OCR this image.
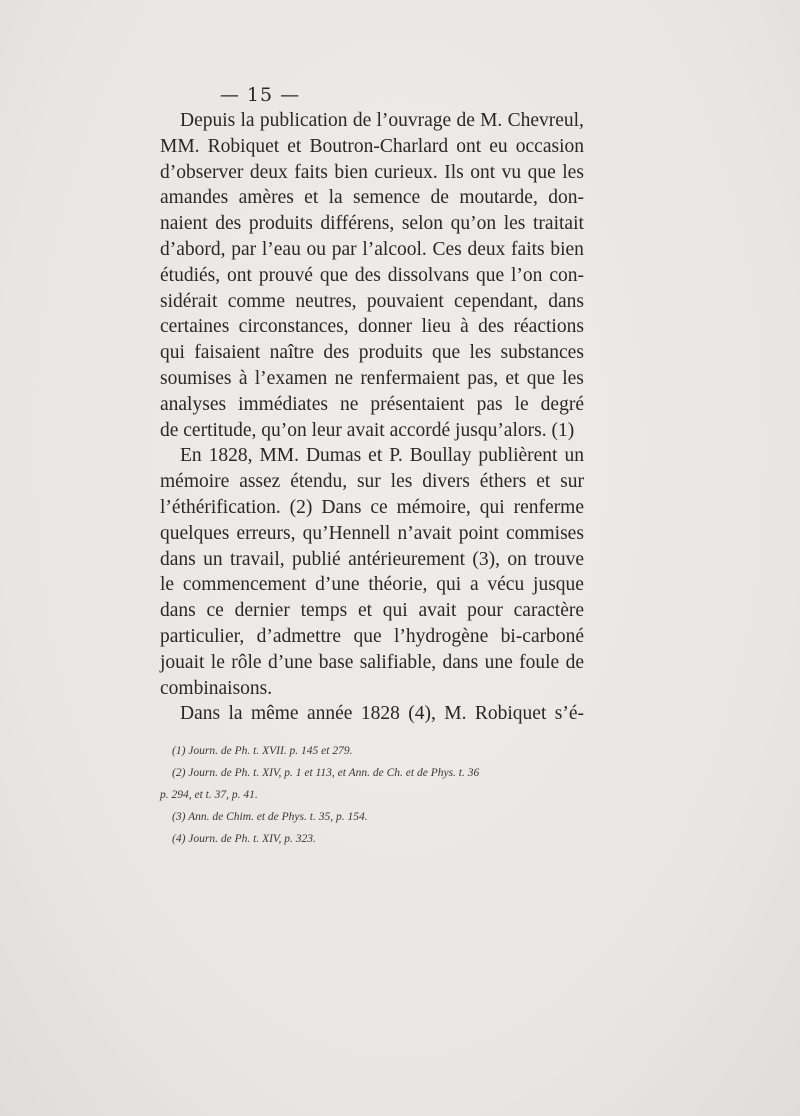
— 15 —
Depuis la publication de l’ouvrage de M. Chevreul,
MM. Robiquet et Boutron-Charlard ont eu occasion
d’observer deux faits bien curieux. Ils ont vu que les
amandes amères et la semence de moutarde, don-
naient des produits différens, selon qu’on les traitait
d’abord, par l’eau ou par l’alcool. Ces deux faits bien
étudiés, ont prouvé que des dissolvans que l’on con-
sidérait comme neutres, pouvaient cependant, dans
certaines circonstances, donner lieu à des réactions
qui faisaient naître des produits que les substances
soumises à l’examen ne renfermaient pas, et que les
analyses immédiates ne présentaient pas le degré
de certitude, qu’on leur avait accordé jusqu’alors. (1)
En 1828, MM. Dumas et P. Boullay publièrent un
mémoire assez étendu, sur les divers éthers et sur
l’éthérification. (2) Dans ce mémoire, qui renferme
quelques erreurs, qu’Hennell n’avait point commises
dans un travail, publié antérieurement (3), on trouve
le commencement d’une théorie, qui a vécu jusque
dans ce dernier temps et qui avait pour caractère
particulier, d’admettre que l’hydrogène bi-carboné
jouait le rôle d’une base salifiable, dans une foule de
combinaisons.
Dans la même année 1828 (4), M. Robiquet s’é-
(1) Journ. de Ph. t. XVII. p. 145 et 279.
(2) Journ. de Ph. t. XIV, p. 1 et 113, et Ann. de Ch. et de Phys. t. 36
p. 294, et t. 37, p. 41.
(3) Ann. de Chim. et de Phys. t. 35, p. 154.
(4) Journ. de Ph. t. XIV, p. 323.
